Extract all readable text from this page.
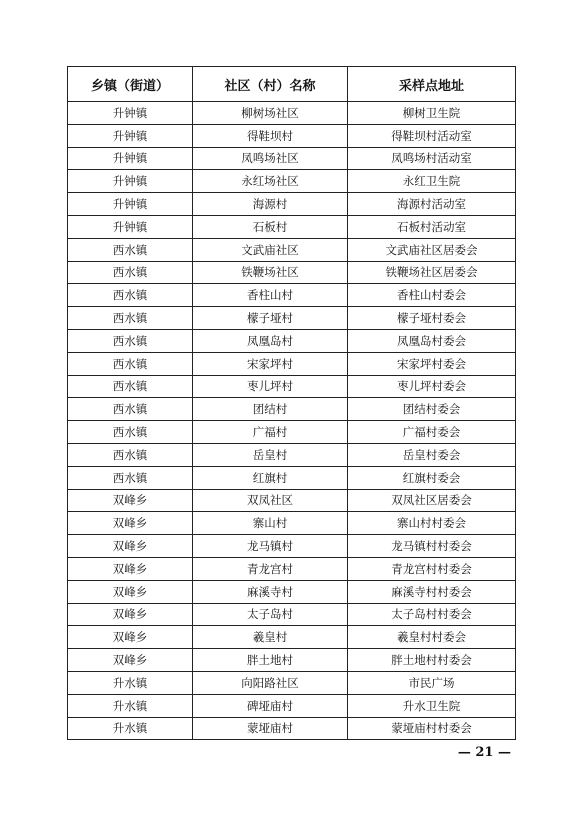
乡镇（街道）	社区（村）名称	采样点地址
升钟镇	柳树场社区	柳树卫生院
升钟镇	得鞋坝村	得鞋坝村活动室
升钟镇	凤鸣场社区	凤鸣场村活动室
升钟镇	永红场社区	永红卫生院
升钟镇	海源村	海源村活动室
升钟镇	石板村	石板村活动室
西水镇	文武庙社区	文武庙社区居委会
西水镇	铁鞭场社区	铁鞭场社区居委会
西水镇	香柱山村	香柱山村委会
西水镇	檬子垭村	檬子垭村委会
西水镇	凤凰岛村	凤凰岛村委会
西水镇	宋家坪村	宋家坪村委会
西水镇	枣儿坪村	枣儿坪村委会
西水镇	团结村	团结村委会
西水镇	广福村	广福村委会
西水镇	岳皇村	岳皇村委会
西水镇	红旗村	红旗村委会
双峰乡	双凤社区	双凤社区居委会
双峰乡	寨山村	寨山村村委会
双峰乡	龙马镇村	龙马镇村村委会
双峰乡	青龙宫村	青龙宫村村委会
双峰乡	麻溪寺村	麻溪寺村村委会
双峰乡	太子岛村	太子岛村村委会
双峰乡	羲皇村	羲皇村村委会
双峰乡	胖土地村	胖土地村村委会
升水镇	向阳路社区	市民广场
升水镇	碑垭庙村	升水卫生院
升水镇	蒙垭庙村	蒙垭庙村村委会
— 21 —
